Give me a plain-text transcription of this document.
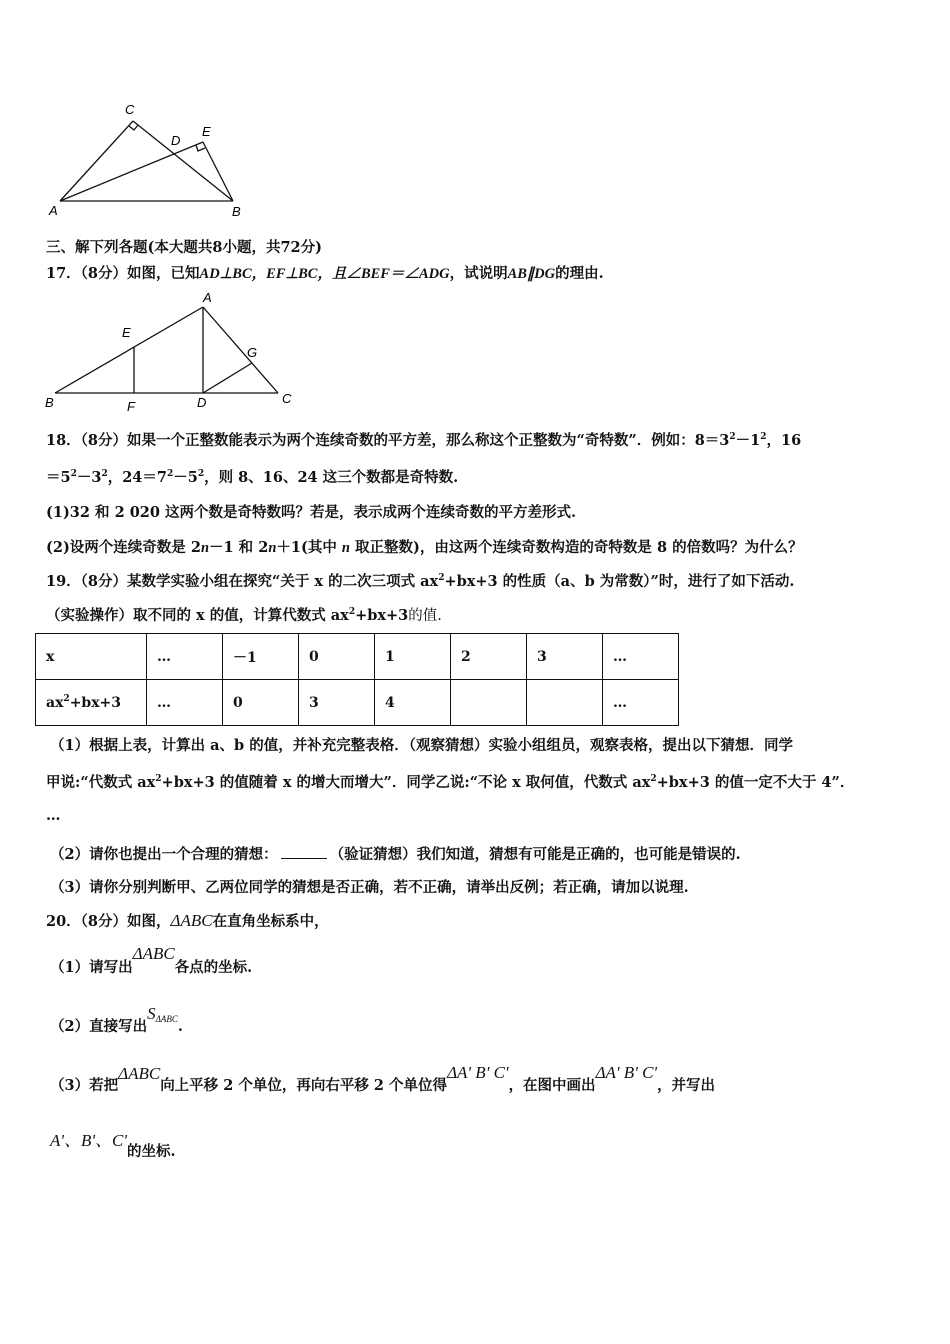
A	B
C
D
E
三、解下列各题(本大题共8小题，共72分)
17．（8分）如图，已知AD⊥BC，EF⊥BC，且∠BEF＝∠ADG，试说明AB∥DG的理由.
B	F	D	C
A
E
G
18．（8分）如果一个正整数能表示为两个连续奇数的平方差，那么称这个正整数为“奇特数”．例如：$8=3^2-1^2$，16
$=5^2-3^2$，$24=7^2-5^2$，则 8、16、24 这三个数都是奇特数.
(1)32 和 2 020 这两个数是奇特数吗？若是，表示成两个连续奇数的平方差形式.
(2)设两个连续奇数是 2n－1 和 2n＋1(其中 n 取正整数)，由这两个连续奇数构造的奇特数是 8 的倍数吗？为什么？
19．（8分）某数学实验小组在探究“关于 x 的二次三项式 $ax^2+bx+3$ 的性质（a、b 为常数）”时，进行了如下活动.
（实验操作）取不同的 x 的值，计算代数式 $ax^2+bx+3$的值.
x	…	－1	0	1	2	3	…
$ax^2+bx+3$	…	0	3	4			…
（1）根据上表，计算出 a、b 的值，并补充完整表格．（观察猜想）实验小组组员，观察表格，提出以下猜想．同学
甲说:“代数式 $ax^2+bx+3$ 的值随着 x 的增大而增大”．同学乙说:“不论 x 取何值，代数式 $ax^2+bx+3$ 的值一定不大于 4”．
…
（2）请你也提出一个合理的猜想：	（验证猜想）我们知道，猜想有可能是正确的，也可能是错误的.
（3）请你分别判断甲、乙两位同学的猜想是否正确，若不正确，请举出反例；若正确，请加以说理.
20．（8分）如图，ΔABC在直角坐标系中，
（1）请写出ΔABC各点的坐标.
（2）直接写出SΔABC.
（3）若把ΔABC向上平移 2 个单位，再向右平移 2 个单位得ΔA' B' C'，在图中画出ΔA' B' C'，并写出
A'、B'、C'的坐标.
